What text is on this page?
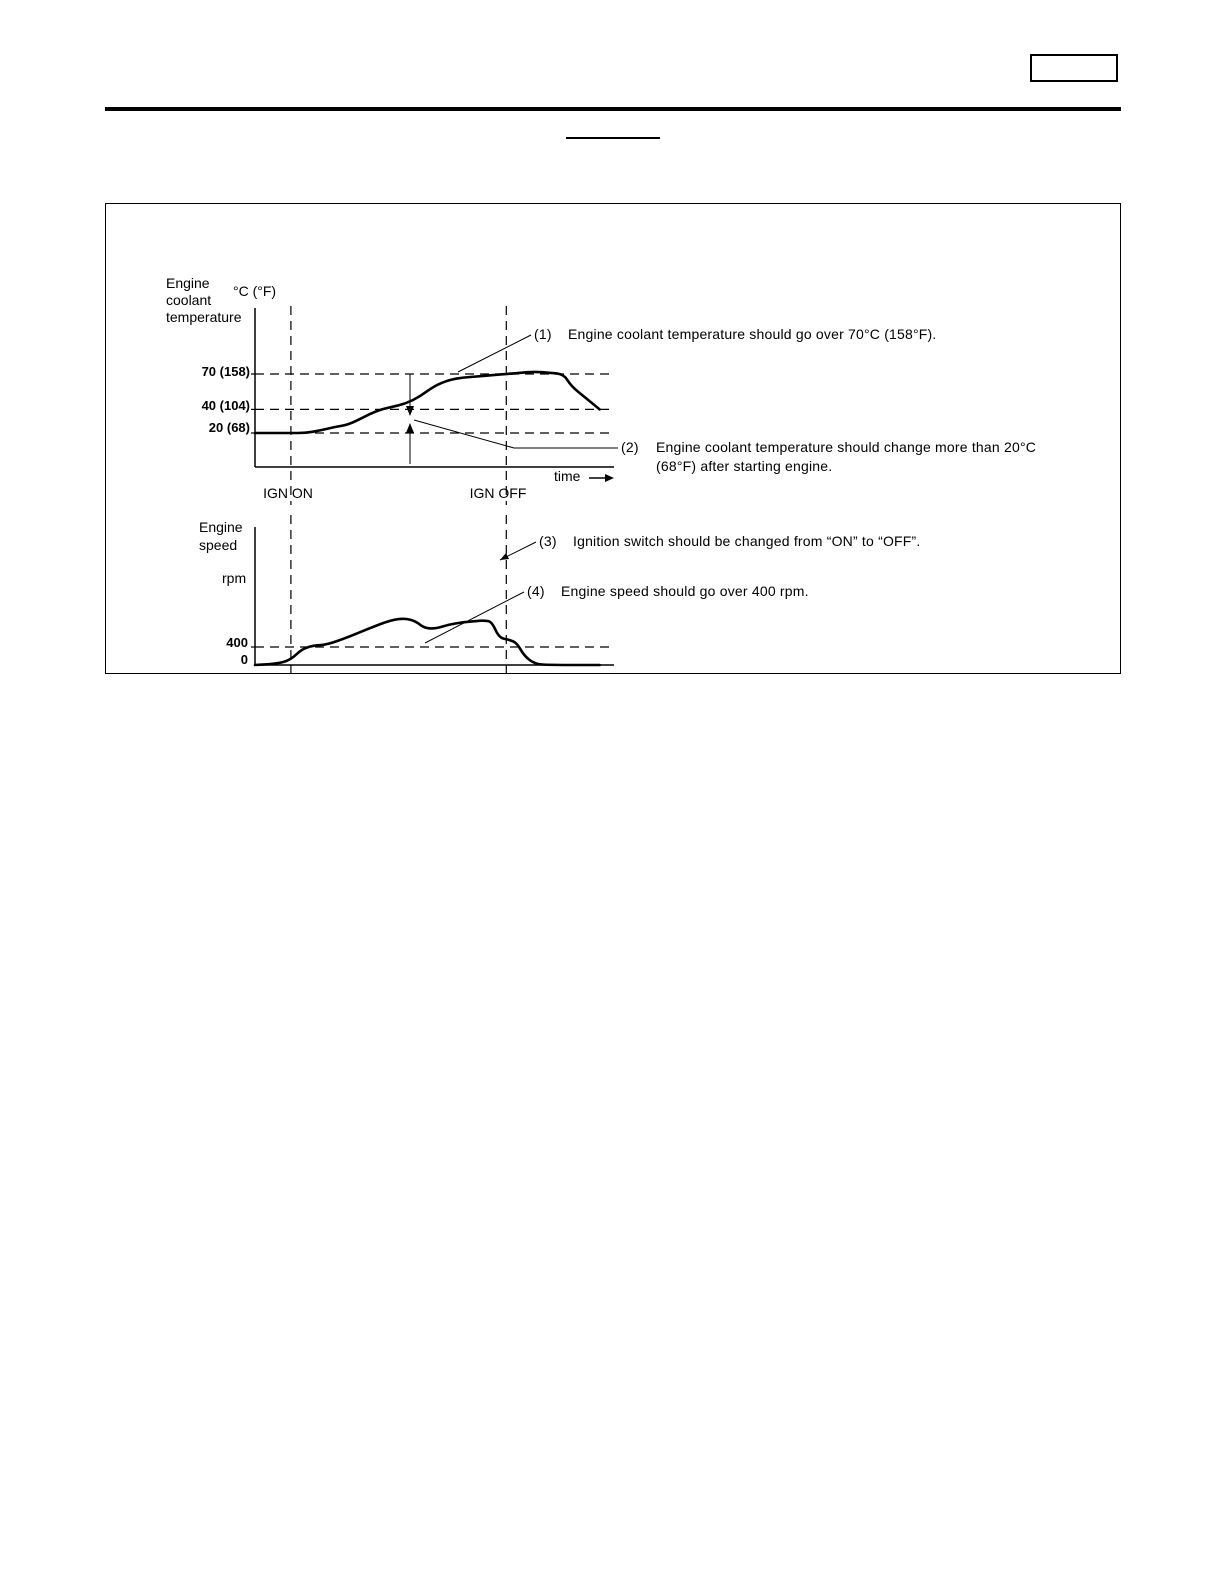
Engine
coolant
temperature
°C (°F)
70 (158)
40 (104)
20 (68)
time
IGN ON	IGN OFF
Engine
speed
rpm
400
0
(1) Engine coolant temperature should go over 70°C (158°F).
(2) Engine coolant temperature should change more than 20°C
(68°F) after starting engine.
(3) Ignition switch should be changed from “ON” to “OFF”.
(4) Engine speed should go over 400 rpm.
